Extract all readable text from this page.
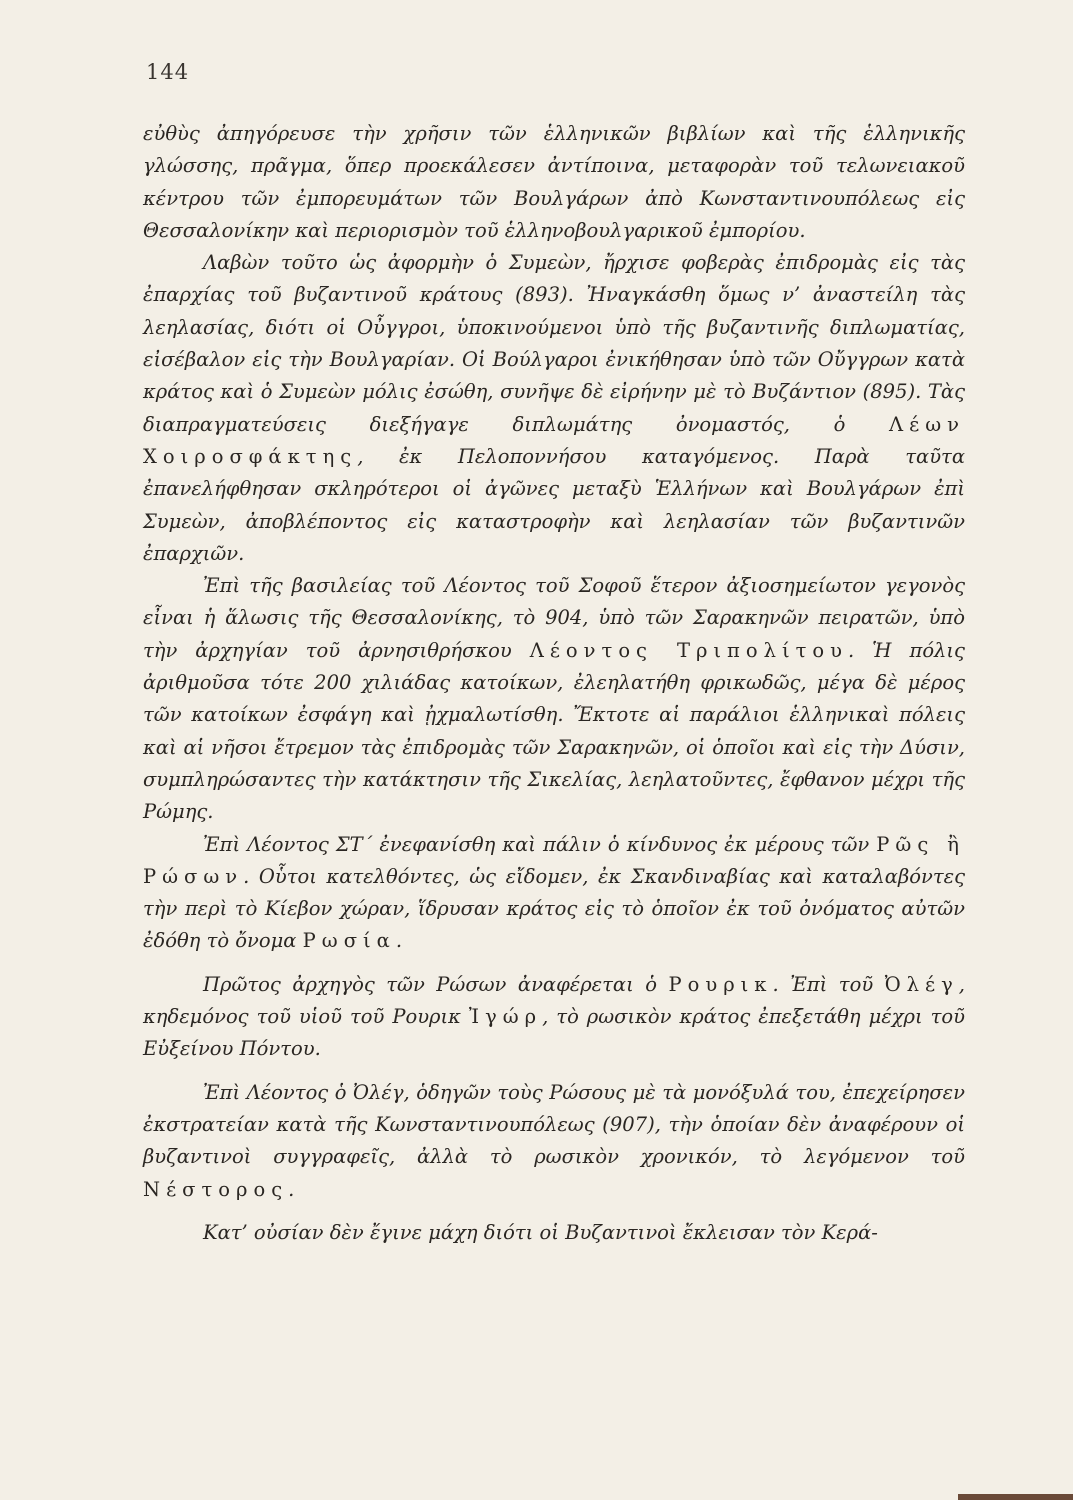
144

εὐθὺς ἀπηγόρευσε τὴν χρῆσιν τῶν ἑλληνικῶν βιβλίων καὶ τῆς ἑλληνικῆς γλώσσης, πρᾶγμα, ὅπερ προεκάλεσεν ἀντίποινα, μεταφορὰν τοῦ τελωνειακοῦ κέντρου τῶν ἐμπορευμάτων τῶν Βουλγάρων ἀπὸ Κωνσταντινουπόλεως εἰς Θεσσαλονίκην καὶ περιορισμὸν τοῦ ἑλληνοβουλγαρικοῦ ἐμπορίου.

Λαβὼν τοῦτο ὡς ἀφορμὴν ὁ Συμεὼν, ἤρχισε φοβερὰς ἐπιδρομὰς εἰς τὰς ἐπαρχίας τοῦ βυζαντινοῦ κράτους (893). Ἠναγκάσθη ὅμως ν’ ἀναστείλη τὰς λεηλασίας, διότι οἱ Οὖγγροι, ὑποκινούμενοι ὑπὸ τῆς βυζαντινῆς διπλωματίας, εἰσέβαλον εἰς τὴν Βουλγαρίαν. Οἱ Βούλγαροι ἐνικήθησαν ὑπὸ τῶν Οὔγγρων κατὰ κράτος καὶ ὁ Συμεὼν μόλις ἐσώθη, συνῆψε δὲ εἰρήνην μὲ τὸ Βυζάντιον (895). Τὰς διαπραγματεύσεις διεξήγαγε διπλωμάτης ὀνομαστός, ὁ Λέων Χοιροσφάκτης, ἐκ Πελοποννήσου καταγόμενος. Παρὰ ταῦτα ἐπανελήφθησαν σκληρότεροι οἱ ἀγῶνες μεταξὺ Ἑλλήνων καὶ Βουλγάρων ἐπὶ Συμεὼν, ἀποβλέποντος εἰς καταστροφὴν καὶ λεηλασίαν τῶν βυζαντινῶν ἐπαρχιῶν.

Ἐπὶ τῆς βασιλείας τοῦ Λέοντος τοῦ Σοφοῦ ἕτερον ἀξιοσημείωτον γεγονὸς εἶναι ἡ ἅλωσις τῆς Θεσσαλονίκης, τὸ 904, ὑπὸ τῶν Σαρακηνῶν πειρατῶν, ὑπὸ τὴν ἀρχηγίαν τοῦ ἀρνησιθρήσκου Λέοντος Τριπολίτου. Ἡ πόλις ἀριθμοῦσα τότε 200 χιλιάδας κατοίκων, ἐλεηλατήθη φρικωδῶς, μέγα δὲ μέρος τῶν κατοίκων ἐσφάγη καὶ ᾐχμαλωτίσθη. Ἔκτοτε αἱ παράλιοι ἑλληνικαὶ πόλεις καὶ αἱ νῆσοι ἔτρεμον τὰς ἐπιδρομὰς τῶν Σαρακηνῶν, οἱ ὁποῖοι καὶ εἰς τὴν Δύσιν, συμπληρώσαντες τὴν κατάκτησιν τῆς Σικελίας, λεηλατοῦντες, ἔφθανον μέχρι τῆς Ρώμης.

Ἐπὶ Λέοντος ΣΤ΄ ἐνεφανίσθη καὶ πάλιν ὁ κίνδυνος ἐκ μέρους τῶν Ρῶς ἢ Ρώσων. Οὗτοι κατελθόντες, ὡς εἴδομεν, ἐκ Σκανδιναβίας καὶ καταλαβόντες τὴν περὶ τὸ Κίεβον χώραν, ἵδρυσαν κράτος εἰς τὸ ὁποῖον ἐκ τοῦ ὀνόματος αὐτῶν ἐδόθη τὸ ὄνομα Ρωσία.

Πρῶτος ἀρχηγὸς τῶν Ρώσων ἀναφέρεται ὁ Ρουρικ. Ἐπὶ τοῦ Ὀλέγ, κηδεμόνος τοῦ υἱοῦ τοῦ Ρουρικ Ἰγώρ, τὸ ρωσικὸν κράτος ἐπεξετάθη μέχρι τοῦ Εὐξείνου Πόντου.

Ἐπὶ Λέοντος ὁ Ὀλέγ, ὁδηγῶν τοὺς Ρώσους μὲ τὰ μονόξυλά του, ἐπεχείρησεν ἐκστρατείαν κατὰ τῆς Κωνσταντινουπόλεως (907), τὴν ὁποίαν δὲν ἀναφέρουν οἱ βυζαντινοὶ συγγραφεῖς, ἀλλὰ τὸ ρωσικὸν χρονικόν, τὸ λεγόμενον τοῦ Νέστορος.

Κατ’ οὐσίαν δὲν ἔγινε μάχη διότι οἱ Βυζαντινοὶ ἔκλεισαν τὸν Κερά-
